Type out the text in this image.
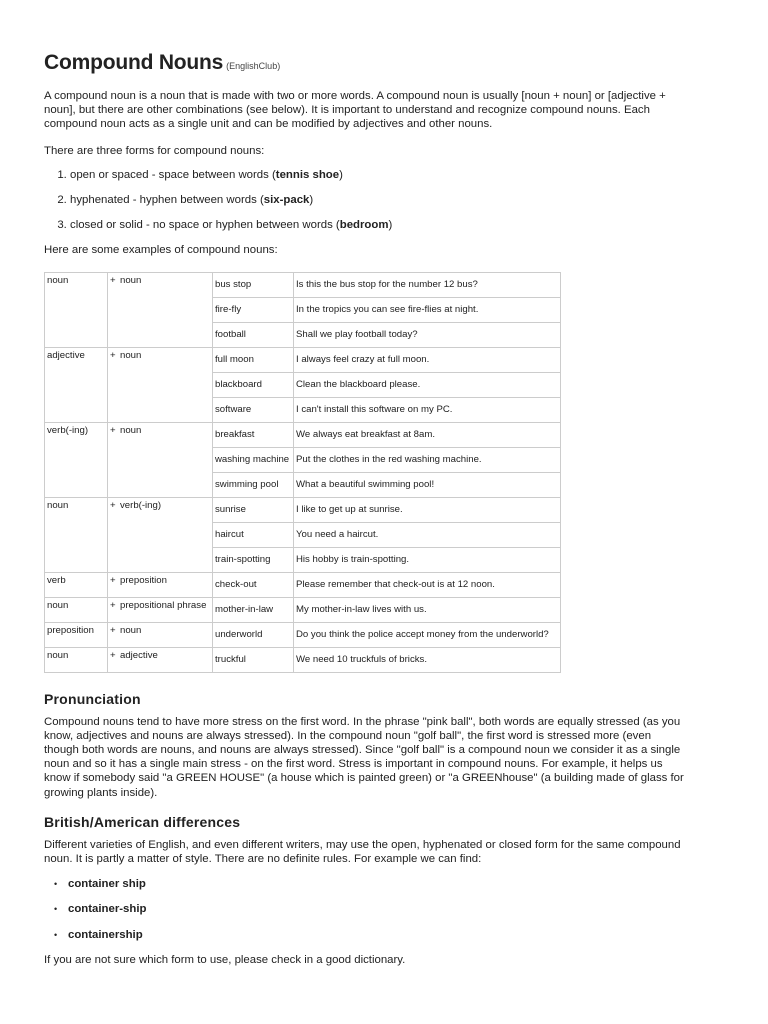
Compound Nouns (EnglishClub)

A compound noun is a noun that is made with two or more words. A compound noun is usually [noun + noun] or [adjective + noun], but there are other combinations (see below). It is important to understand and recognize compound nouns. Each compound noun acts as a single unit and can be modified by adjectives and other nouns.

There are three forms for compound nouns:

1. open or spaced - space between words (tennis shoe)
2. hyphenated - hyphen between words (six-pack)
3. closed or solid - no space or hyphen between words (bedroom)

Here are some examples of compound nouns:

noun	+ noun	bus stop	Is this the bus stop for the number 12 bus?

		fire-fly	In the tropics you can see fire-flies at night.

		football	Shall we play football today?

adjective	+ noun	full moon	I always feel crazy at full moon.

		blackboard	Clean the blackboard please.

		software	I can't install this software on my PC.

verb(-ing)	+ noun	breakfast	We always eat breakfast at 8am.

		washing machine	Put the clothes in the red washing machine.

		swimming pool	What a beautiful swimming pool!

noun	+ verb(-ing)	sunrise	I like to get up at sunrise.

		haircut	You need a haircut.

		train-spotting	His hobby is train-spotting.

verb	+ preposition	check-out	Please remember that check-out is at 12 noon.

noun	+ prepositional phrase	mother-in-law	My mother-in-law lives with us.

preposition	+ noun	underworld	Do you think the police accept money from the underworld?

noun	+ adjective	truckful	We need 10 truckfuls of bricks.
Pronunciation

Compound nouns tend to have more stress on the first word. In the phrase "pink ball", both words are equally stressed (as you know, adjectives and nouns are always stressed). In the compound noun "golf ball", the first word is stressed more (even though both words are nouns, and nouns are always stressed). Since "golf ball" is a compound noun we consider it as a single noun and so it has a single main stress - on the first word. Stress is important in compound nouns. For example, it helps us know if somebody said "a GREEN HOUSE" (a house which is painted green) or "a GREENhouse" (a building made of glass for growing plants inside).

British/American differences

Different varieties of English, and even different writers, may use the open, hyphenated or closed form for the same compound noun. It is partly a matter of style. There are no definite rules. For example we can find:

• container ship
• container-ship
• containership

If you are not sure which form to use, please check in a good dictionary.
